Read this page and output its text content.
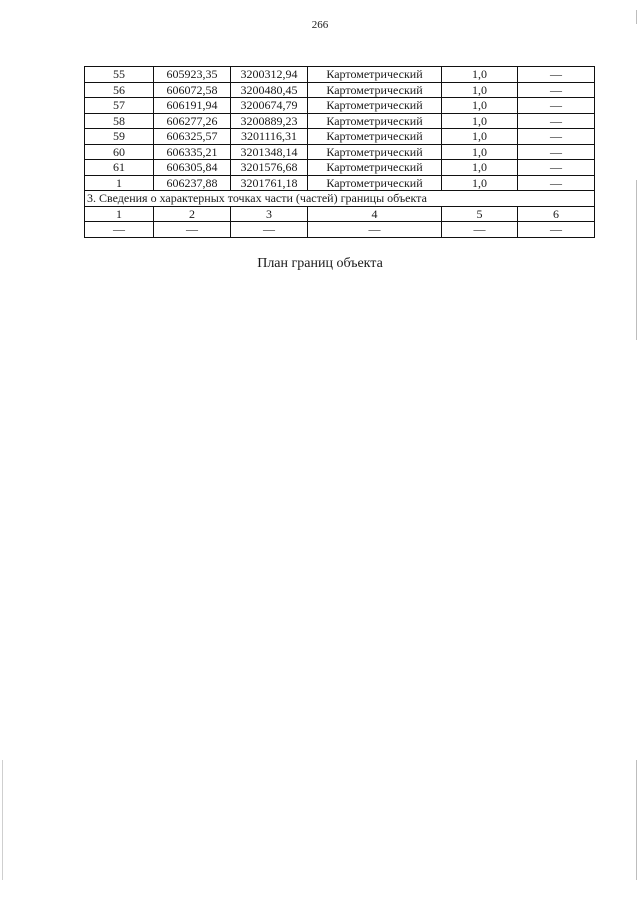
266
55	605923,35	3200312,94	Картометрический	1,0	—
56	606072,58	3200480,45	Картометрический	1,0	—
57	606191,94	3200674,79	Картометрический	1,0	—
58	606277,26	3200889,23	Картометрический	1,0	—
59	606325,57	3201116,31	Картометрический	1,0	—
60	606335,21	3201348,14	Картометрический	1,0	—
61	606305,84	3201576,68	Картометрический	1,0	—
1	606237,88	3201761,18	Картометрический	1,0	—
3. Сведения о характерных точках части (частей) границы объекта					
1	2	3	4	5	6
—	—	—	—	—	—
План границ объекта
